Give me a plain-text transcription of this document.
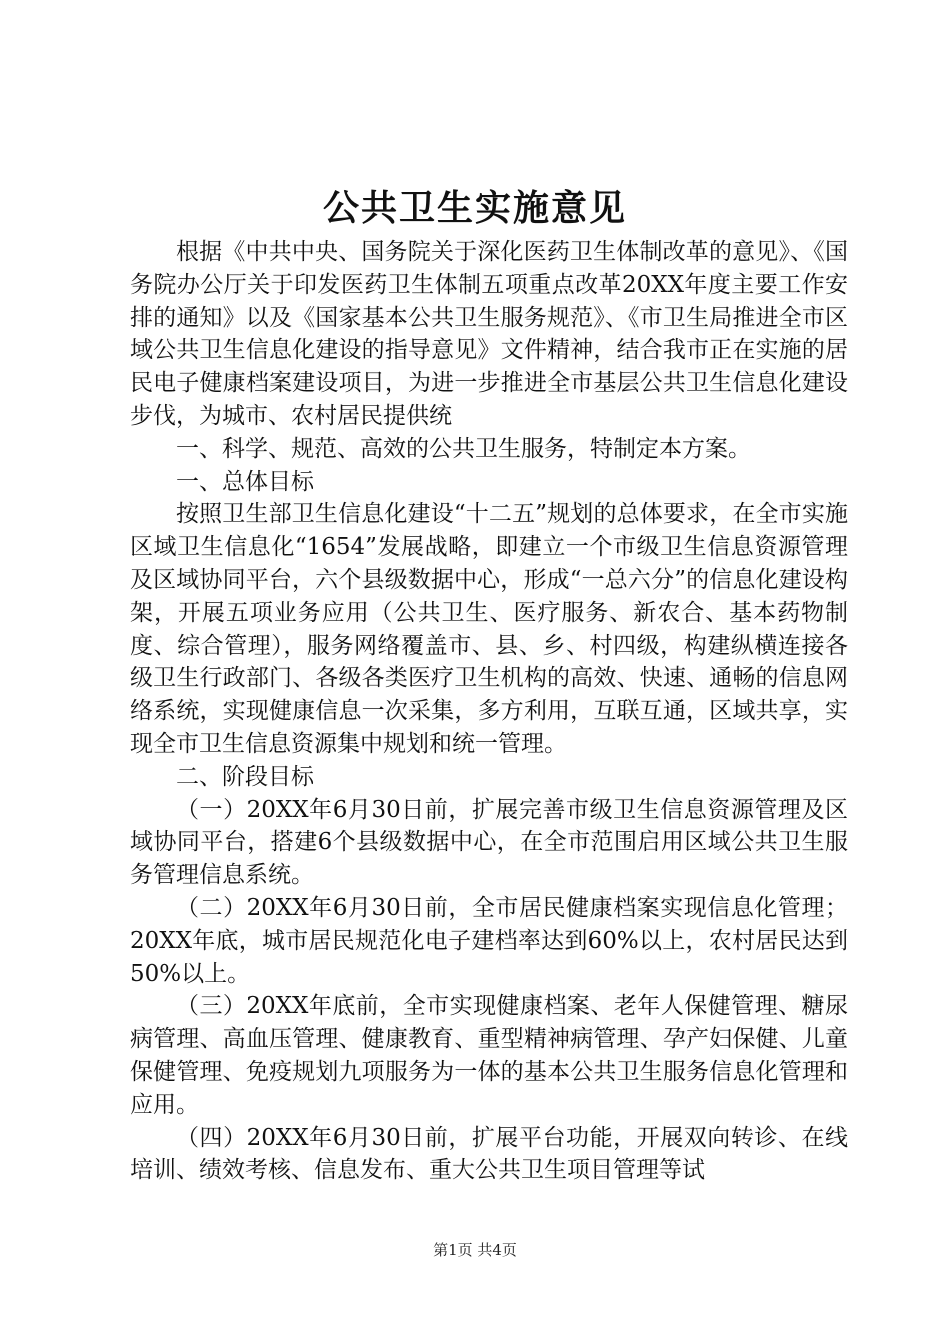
公共卫生实施意见

根据《中共中央、国务院关于深化医药卫生体制改革的意见》、《国务院办公厅关于印发医药卫生体制五项重点改革20XX年度主要工作安排的通知》以及《国家基本公共卫生服务规范》、《市卫生局推进全市区域公共卫生信息化建设的指导意见》文件精神，结合我市正在实施的居民电子健康档案建设项目，为进一步推进全市基层公共卫生信息化建设步伐，为城市、农村居民提供统

一、科学、规范、高效的公共卫生服务，特制定本方案。

一、总体目标

按照卫生部卫生信息化建设“十二五”规划的总体要求，在全市实施区域卫生信息化“1654”发展战略，即建立一个市级卫生信息资源管理及区域协同平台，六个县级数据中心，形成“一总六分”的信息化建设构架，开展五项业务应用（公共卫生、医疗服务、新农合、基本药物制度、综合管理），服务网络覆盖市、县、乡、村四级，构建纵横连接各级卫生行政部门、各级各类医疗卫生机构的高效、快速、通畅的信息网络系统，实现健康信息一次采集，多方利用，互联互通，区域共享，实现全市卫生信息资源集中规划和统一管理。

二、阶段目标

（一）20XX年6月30日前，扩展完善市级卫生信息资源管理及区域协同平台，搭建6个县级数据中心，在全市范围启用区域公共卫生服务管理信息系统。

（二）20XX年6月30日前，全市居民健康档案实现信息化管理；20XX年底，城市居民规范化电子建档率达到60%以上，农村居民达到50%以上。

（三）20XX年底前，全市实现健康档案、老年人保健管理、糖尿病管理、高血压管理、健康教育、重型精神病管理、孕产妇保健、儿童保健管理、免疫规划九项服务为一体的基本公共卫生服务信息化管理和应用。

（四）20XX年6月30日前，扩展平台功能，开展双向转诊、在线培训、绩效考核、信息发布、重大公共卫生项目管理等试

第1页 共4页
